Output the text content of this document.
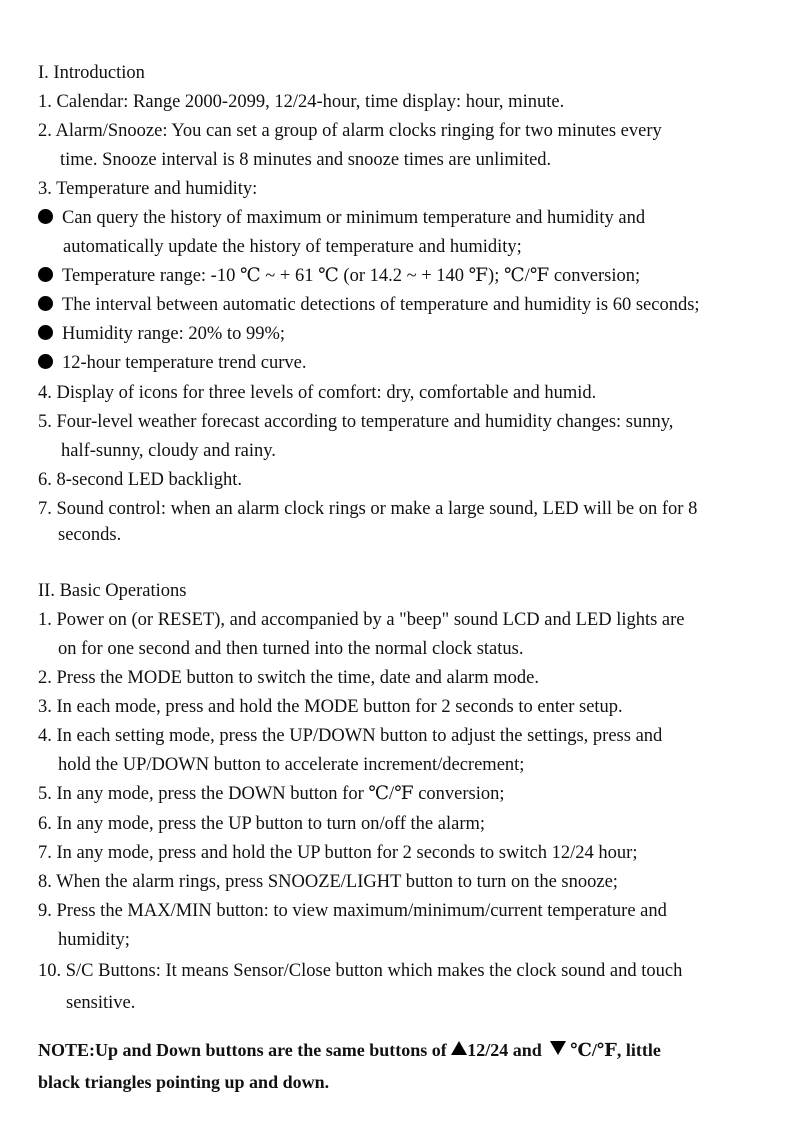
I. Introduction
1. Calendar: Range 2000-2099, 12/24-hour, time display: hour, minute.
2. Alarm/Snooze: You can set a group of alarm clocks ringing for two minutes every
time. Snooze interval is 8 minutes and snooze times are unlimited.
3. Temperature and humidity:
Can query the history of maximum or minimum temperature and humidity and
automatically update the history of temperature and humidity;
Temperature range: -10 ℃ ~ + 61 ℃ (or 14.2 ~ + 140 ℉); ℃/℉ conversion;
The interval between automatic detections of temperature and humidity is 60 seconds;
Humidity range: 20% to 99%;
12-hour temperature trend curve.
4. Display of icons for three levels of comfort: dry, comfortable and humid.
5. Four-level weather forecast according to temperature and humidity changes: sunny,
half-sunny, cloudy and rainy.
6. 8-second LED backlight.
7. Sound control: when an alarm clock rings or make a large sound, LED will be on for 8
seconds.
II. Basic Operations
1. Power on (or RESET), and accompanied by a "beep" sound LCD and LED lights are
on for one second and then turned into the normal clock status.
2. Press the MODE button to switch the time, date and alarm mode.
3. In each mode, press and hold the MODE button for 2 seconds to enter setup.
4. In each setting mode, press the UP/DOWN button to adjust the settings, press and
hold the UP/DOWN button to accelerate increment/decrement;
5. In any mode, press the DOWN button for ℃/℉ conversion;
6. In any mode, press the UP button to turn on/off the alarm;
7. In any mode, press and hold the UP button for 2 seconds to switch 12/24 hour;
8. When the alarm rings, press SNOOZE/LIGHT button to turn on the snooze;
9. Press the MAX/MIN button: to view maximum/minimum/current temperature and
humidity;
10. S/C Buttons: It means Sensor/Close button which makes the clock sound and touch
sensitive.
NOTE:Up and Down buttons are the same buttons of 12/24 and ℃/℉, little
black triangles pointing up and down.
